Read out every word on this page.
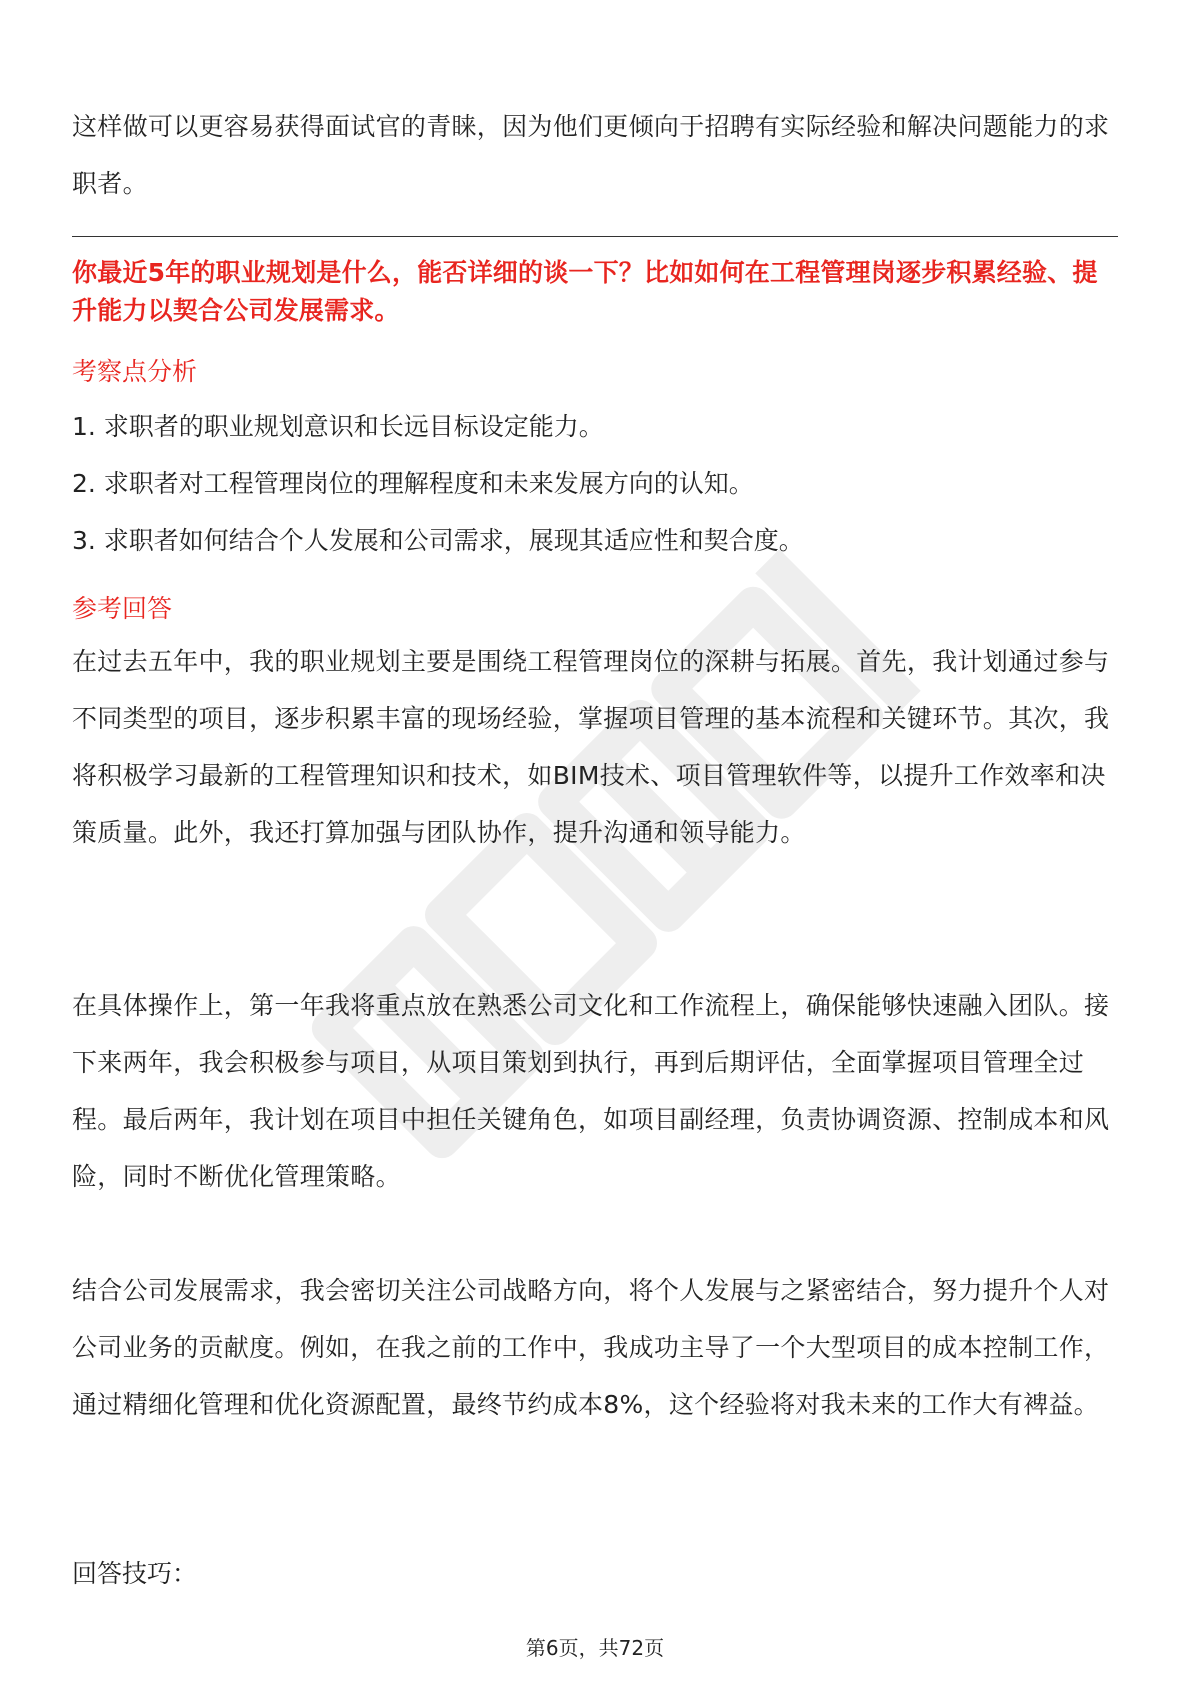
这样做可以更容易获得面试官的青睐，因为他们更倾向于招聘有实际经验和解决问题能力的求职者。

你最近5年的职业规划是什么，能否详细的谈一下？比如如何在工程管理岗逐步积累经验、提升能力以契合公司发展需求。

考察点分析

1. 求职者的职业规划意识和长远目标设定能力。
2. 求职者对工程管理岗位的理解程度和未来发展方向的认知。
3. 求职者如何结合个人发展和公司需求，展现其适应性和契合度。

参考回答

在过去五年中，我的职业规划主要是围绕工程管理岗位的深耕与拓展。首先，我计划通过参与不同类型的项目，逐步积累丰富的现场经验，掌握项目管理的基本流程和关键环节。其次，我将积极学习最新的工程管理知识和技术，如BIM技术、项目管理软件等，以提升工作效率和决策质量。此外，我还打算加强与团队协作，提升沟通和领导能力。

在具体操作上，第一年我将重点放在熟悉公司文化和工作流程上，确保能够快速融入团队。接下来两年，我会积极参与项目，从项目策划到执行，再到后期评估，全面掌握项目管理全过程。最后两年，我计划在项目中担任关键角色，如项目副经理，负责协调资源、控制成本和风险，同时不断优化管理策略。

结合公司发展需求，我会密切关注公司战略方向，将个人发展与之紧密结合，努力提升个人对公司业务的贡献度。例如，在我之前的工作中，我成功主导了一个大型项目的成本控制工作，通过精细化管理和优化资源配置，最终节约成本8%，这个经验将对我未来的工作大有裨益。

回答技巧：

第6页，共72页
